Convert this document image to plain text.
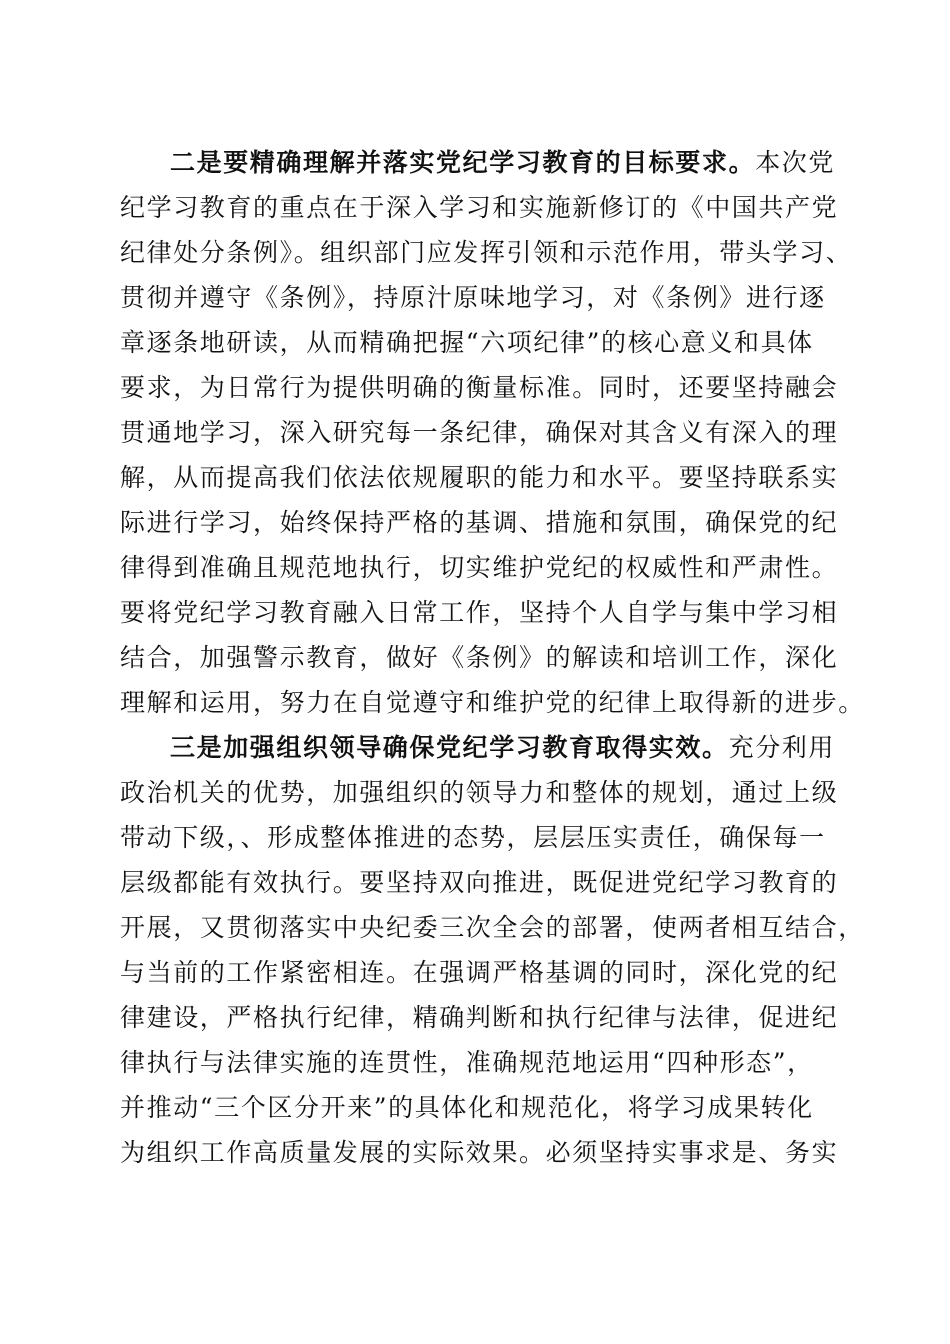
二是要精确理解并落实党纪学习教育的目标要求。本次党
纪学习教育的重点在于深入学习和实施新修订的《中国共产党
纪律处分条例》。组织部门应发挥引领和示范作用，带头学习、
贯彻并遵守《条例》，持原汁原味地学习，对《条例》进行逐
章逐条地研读，从而精确把握“六项纪律”的核心意义和具体
要求，为日常行为提供明确的衡量标准。同时，还要坚持融会
贯通地学习，深入研究每一条纪律，确保对其含义有深入的理
解，从而提高我们依法依规履职的能力和水平。要坚持联系实
际进行学习，始终保持严格的基调、措施和氛围，确保党的纪
律得到准确且规范地执行，切实维护党纪的权威性和严肃性。
要将党纪学习教育融入日常工作，坚持个人自学与集中学习相
结合，加强警示教育，做好《条例》的解读和培训工作，深化
理解和运用，努力在自觉遵守和维护党的纪律上取得新的进步。
三是加强组织领导确保党纪学习教育取得实效。充分利用
政治机关的优势，加强组织的领导力和整体的规划，通过上级
带动下级，、形成整体推进的态势，层层压实责任，确保每一
层级都能有效执行。要坚持双向推进，既促进党纪学习教育的
开展，又贯彻落实中央纪委三次全会的部署，使两者相互结合，
与当前的工作紧密相连。在强调严格基调的同时，深化党的纪
律建设，严格执行纪律，精确判断和执行纪律与法律，促进纪
律执行与法律实施的连贯性，准确规范地运用“四种形态”，
并推动“三个区分开来”的具体化和规范化，将学习成果转化
为组织工作高质量发展的实际效果。必须坚持实事求是、务实
